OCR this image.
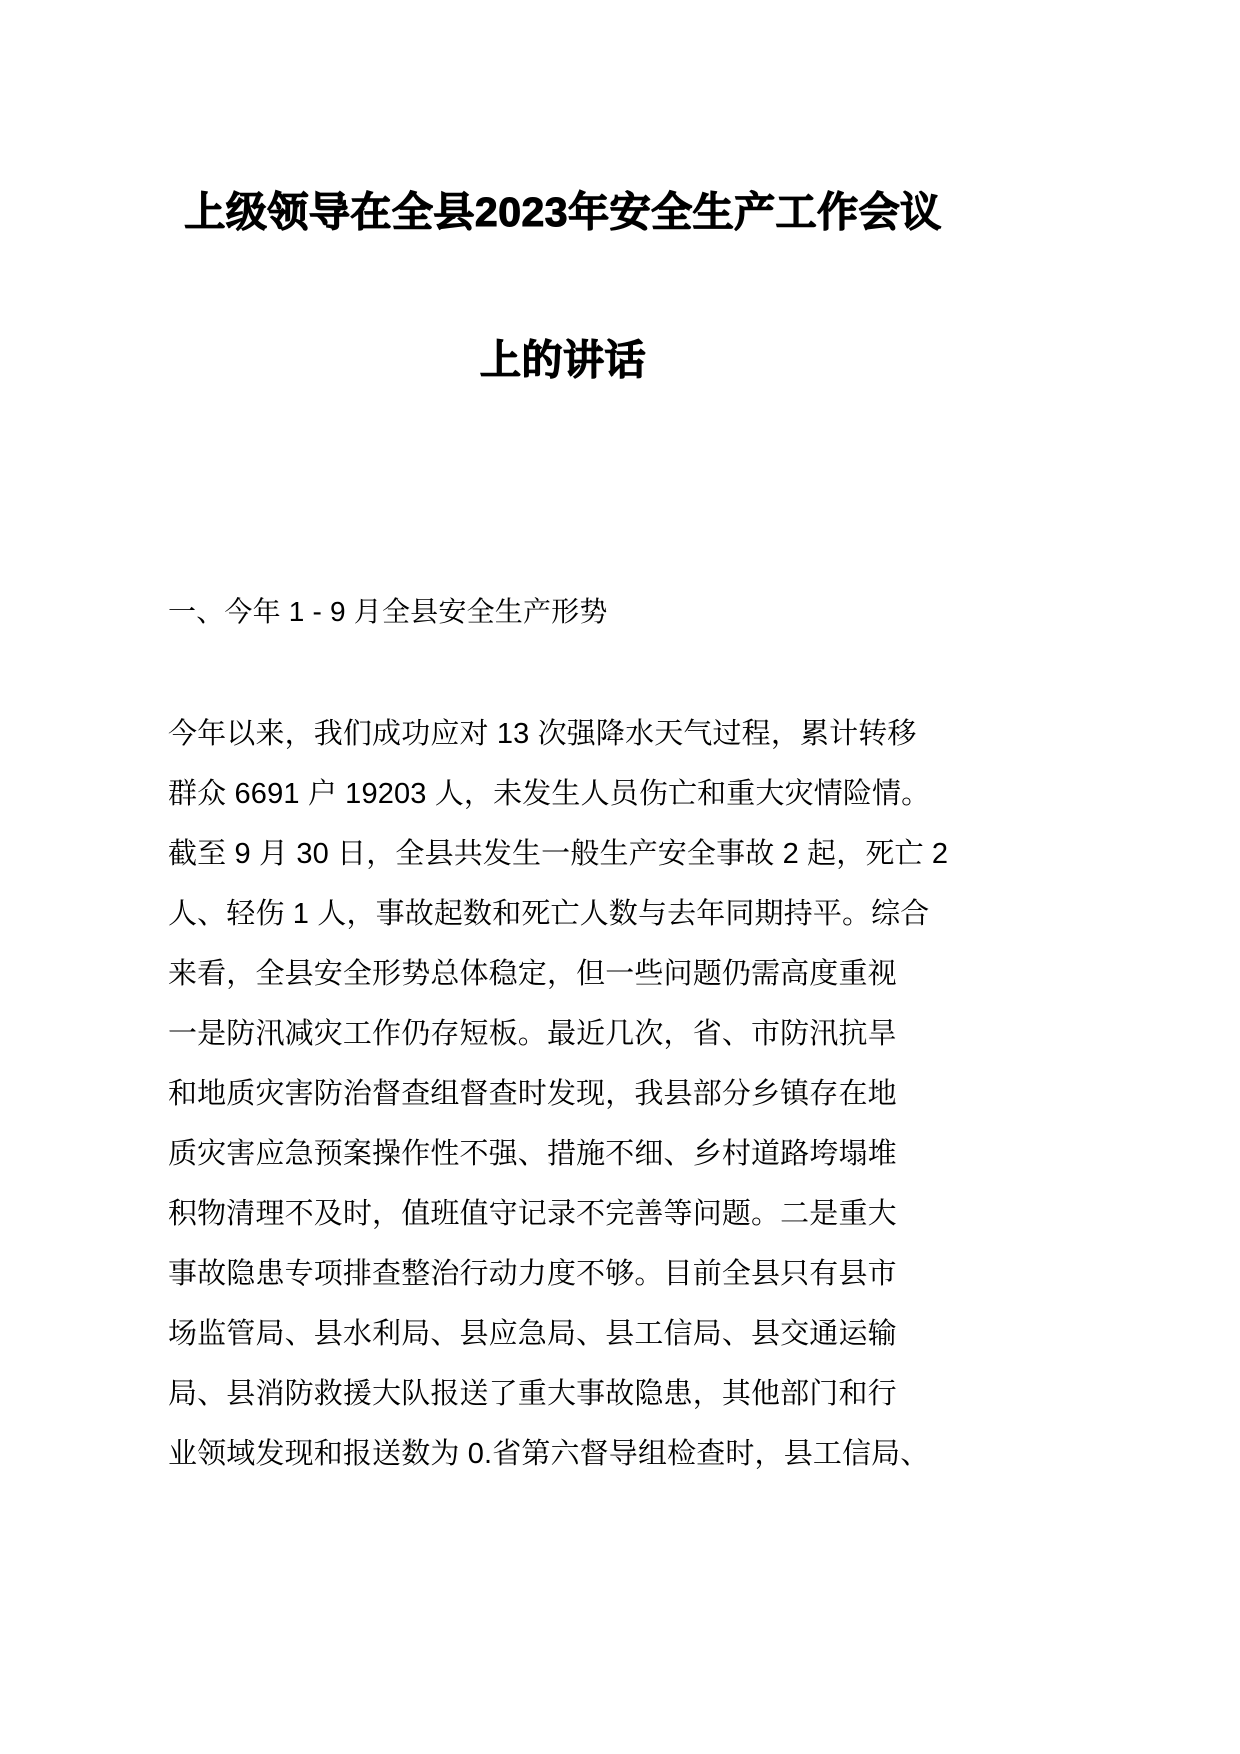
上级领导在全县2023年安全生产工作会议
上的讲话
一、今年 1 - 9 月全县安全生产形势
今年以来，我们成功应对 13 次强降水天气过程，累计转移
群众 6691 户 19203 人，未发生人员伤亡和重大灾情险情。
截至 9 月 30 日，全县共发生一般生产安全事故 2 起，死亡 2
人、轻伤 1 人，事故起数和死亡人数与去年同期持平。综合
来看，全县安全形势总体稳定，但一些问题仍需高度重视
一是防汛减灾工作仍存短板。最近几次，省、市防汛抗旱
和地质灾害防治督查组督查时发现，我县部分乡镇存在地
质灾害应急预案操作性不强、措施不细、乡村道路垮塌堆
积物清理不及时，值班值守记录不完善等问题。二是重大
事故隐患专项排查整治行动力度不够。目前全县只有县市
场监管局、县水利局、县应急局、县工信局、县交通运输
局、县消防救援大队报送了重大事故隐患，其他部门和行
业领域发现和报送数为 0.省第六督导组检查时，县工信局、
